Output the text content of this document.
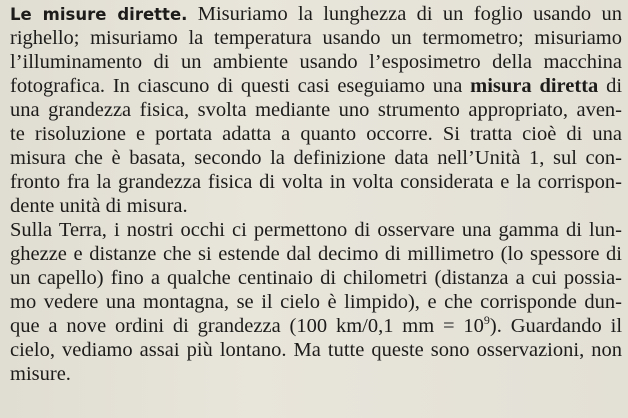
Le misure dirette. Misuriamo la lunghezza di un foglio usando un
righello; misuriamo la temperatura usando un termometro; misuriamo
l’illuminamento di un ambiente usando l’esposimetro della macchina
fotografica. In ciascuno di questi casi eseguiamo una misura diretta di
una grandezza fisica, svolta mediante uno strumento appropriato, aven-
te risoluzione e portata adatta a quanto occorre. Si tratta cioè di una
misura che è basata, secondo la definizione data nell’Unità 1, sul con-
fronto fra la grandezza fisica di volta in volta considerata e la corrispon-
dente unità di misura.
Sulla Terra, i nostri occhi ci permettono di osservare una gamma di lun-
ghezze e distanze che si estende dal decimo di millimetro (lo spessore di
un capello) fino a qualche centinaio di chilometri (distanza a cui possia-
mo vedere una montagna, se il cielo è limpido), e che corrisponde dun-
que a nove ordini di grandezza (100 km/0,1 mm = $10^9$). Guardando il
cielo, vediamo assai più lontano. Ma tutte queste sono osservazioni, non
misure.
